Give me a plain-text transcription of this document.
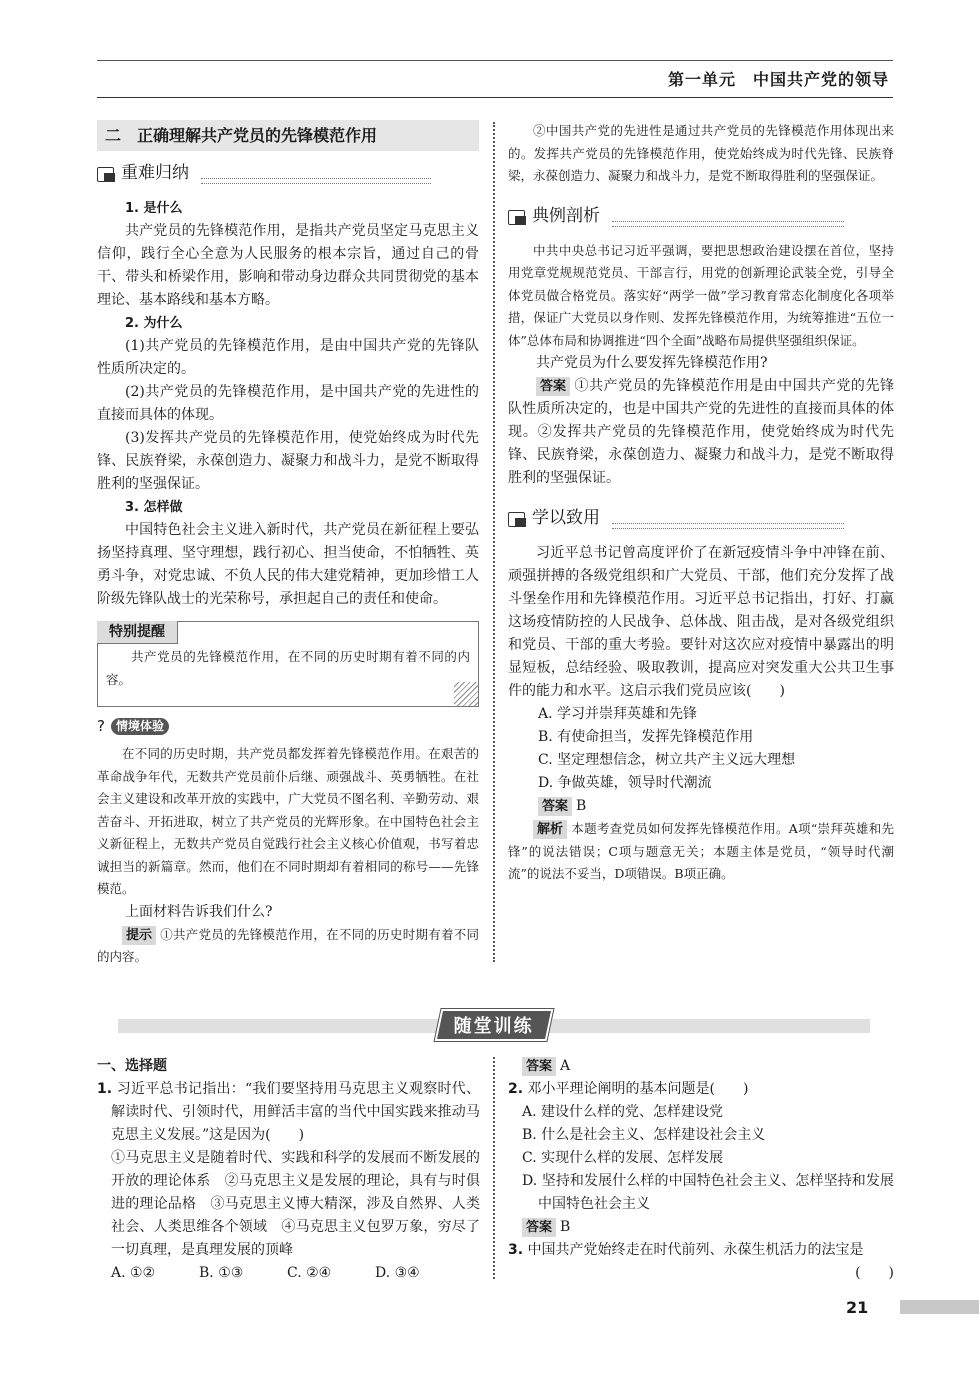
第一单元　中国共产党的领导
二　正确理解共产党员的先锋模范作用
重难归纳

1. 是什么

共产党员的先锋模范作用，是指共产党员坚定马克思主义信仰，践行全心全意为人民服务的根本宗旨，通过自己的骨干、带头和桥梁作用，影响和带动身边群众共同贯彻党的基本理论、基本路线和基本方略。

2. 为什么

(1)共产党员的先锋模范作用，是由中国共产党的先锋队性质所决定的。

(2)共产党员的先锋模范作用，是中国共产党的先进性的直接而具体的体现。

(3)发挥共产党员的先锋模范作用，使党始终成为时代先锋、民族脊梁，永葆创造力、凝聚力和战斗力，是党不断取得胜利的坚强保证。

3. 怎样做

中国特色社会主义进入新时代，共产党员在新征程上要弘扬坚持真理、坚守理想，践行初心、担当使命，不怕牺牲、英勇斗争，对党忠诚、不负人民的伟大建党精神，更加珍惜工人阶级先锋队战士的光荣称号，承担起自己的责任和使命。

特别提醒

共产党员的先锋模范作用，在不同的历史时期有着不同的内容。

? 情境体验

在不同的历史时期，共产党员都发挥着先锋模范作用。在艰苦的革命战争年代，无数共产党员前仆后继、顽强战斗、英勇牺牲。在社会主义建设和改革开放的实践中，广大党员不图名利、辛勤劳动、艰苦奋斗、开拓进取，树立了共产党员的光辉形象。在中国特色社会主义新征程上，无数共产党员自觉践行社会主义核心价值观，书写着忠诚担当的新篇章。然而，他们在不同时期却有着相同的称号——先锋模范。

上面材料告诉我们什么?

提示 ①共产党员的先锋模范作用，在不同的历史时期有着不同的内容。

②中国共产党的先进性是通过共产党员的先锋模范作用体现出来的。发挥共产党员的先锋模范作用，使党始终成为时代先锋、民族脊梁，永葆创造力、凝聚力和战斗力，是党不断取得胜利的坚强保证。

典例剖析

中共中央总书记习近平强调，要把思想政治建设摆在首位，坚持用党章党规规范党员、干部言行，用党的创新理论武装全党，引导全体党员做合格党员。落实好“两学一做”学习教育常态化制度化各项举措，保证广大党员以身作则、发挥先锋模范作用，为统筹推进“五位一体”总体布局和协调推进“四个全面”战略布局提供坚强组织保证。

共产党员为什么要发挥先锋模范作用?

答案 ①共产党员的先锋模范作用是由中国共产党的先锋队性质所决定的，也是中国共产党的先进性的直接而具体的体现。②发挥共产党员的先锋模范作用，使党始终成为时代先锋、民族脊梁，永葆创造力、凝聚力和战斗力，是党不断取得胜利的坚强保证。

学以致用

习近平总书记曾高度评价了在新冠疫情斗争中冲锋在前、顽强拼搏的各级党组织和广大党员、干部，他们充分发挥了战斗堡垒作用和先锋模范作用。习近平总书记指出，打好、打赢这场疫情防控的人民战争、总体战、阻击战，是对各级党组织和党员、干部的重大考验。要针对这次应对疫情中暴露出的明显短板，总结经验、吸取教训，提高应对突发重大公共卫生事件的能力和水平。这启示我们党员应该(　　)

A. 学习并崇拜英雄和先锋

B. 有使命担当，发挥先锋模范作用

C. 坚定理想信念，树立共产主义远大理想

D. 争做英雄，领导时代潮流

答案 B

解析 本题考查党员如何发挥先锋模范作用。A项“崇拜英雄和先锋”的说法错误；C项与题意无关；本题主体是党员，“领导时代潮流”的说法不妥当，D项错误。B项正确。

随堂训练

一、选择题

1. 习近平总书记指出：“我们要坚持用马克思主义观察时代、解读时代、引领时代，用鲜活丰富的当代中国实践来推动马克思主义发展。”这是因为(　　)

①马克思主义是随着时代、实践和科学的发展而不断发展的开放的理论体系　②马克思主义是发展的理论，具有与时俱进的理论品格　③马克思主义博大精深，涉及自然界、人类社会、人类思维各个领域　④马克思主义包罗万象，穷尽了一切真理，是真理发展的顶峰

A. ①②	B. ①③	C. ②④	D. ③④

答案 A

2. 邓小平理论阐明的基本问题是(　　)

A. 建设什么样的党、怎样建设党

B. 什么是社会主义、怎样建设社会主义

C. 实现什么样的发展、怎样发展

D. 坚持和发展什么样的中国特色社会主义、怎样坚持和发展中国特色社会主义

答案 B

3. 中国共产党始终走在时代前列、永葆生机活力的法宝是

(　　)

21
